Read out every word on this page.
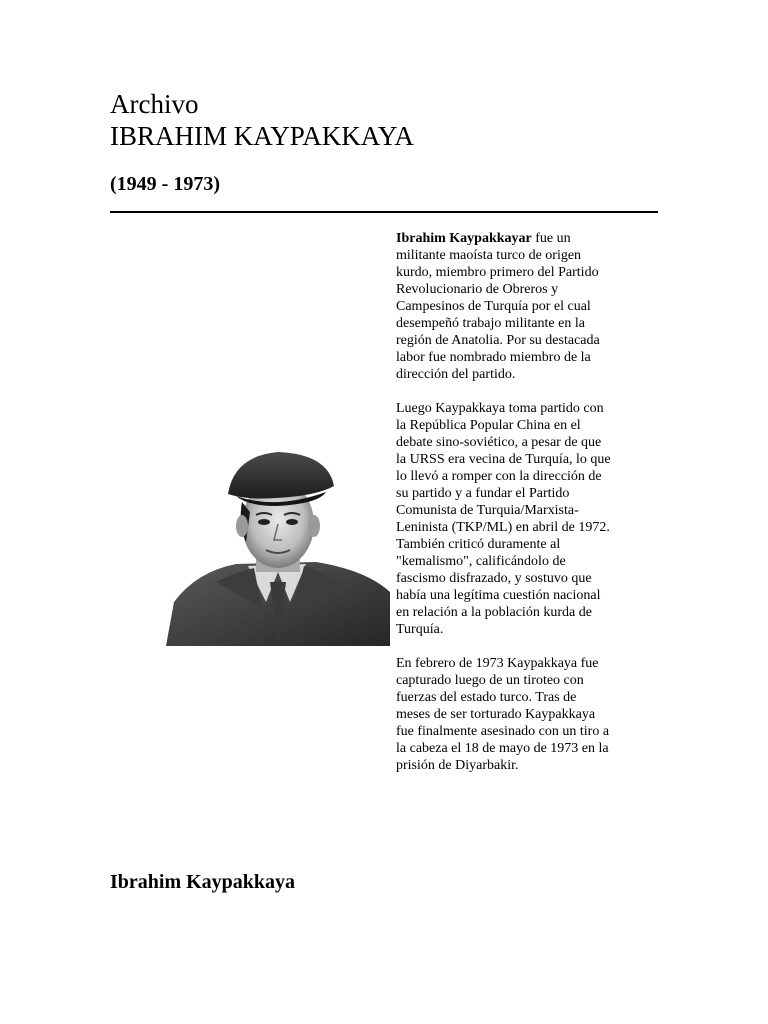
Archivo
IBRAHIM KAYPAKKAYA

(1949 - 1973)

Ibrahim Kaypakkayar fue un militante maoísta turco de origen kurdo, miembro primero del Partido Revolucionario de Obreros y Campesinos de Turquía por el cual desempeñó trabajo militante en la región de Anatolia. Por su destacada labor fue nombrado miembro de la dirección del partido.

Luego Kaypakkaya toma partido con la República Popular China en el debate sino-soviético, a pesar de que la URSS era vecina de Turquía, lo que lo llevó a romper con la dirección de su partido y a fundar el Partido Comunista de Turquia/Marxista-Leninista (TKP/ML) en abril de 1972. También criticó duramente al "kemalismo", calificándolo de fascismo disfrazado, y sostuvo que había una legítima cuestión nacional en relación a la población kurda de Turquía.

En febrero de 1973 Kaypakkaya fue capturado luego de un tiroteo con fuerzas del estado turco. Tras de meses de ser torturado Kaypakkaya fue finalmente asesinado con un tiro a la cabeza el 18 de mayo de 1973 en la prisión de Diyarbakir.

Ibrahim Kaypakkaya
